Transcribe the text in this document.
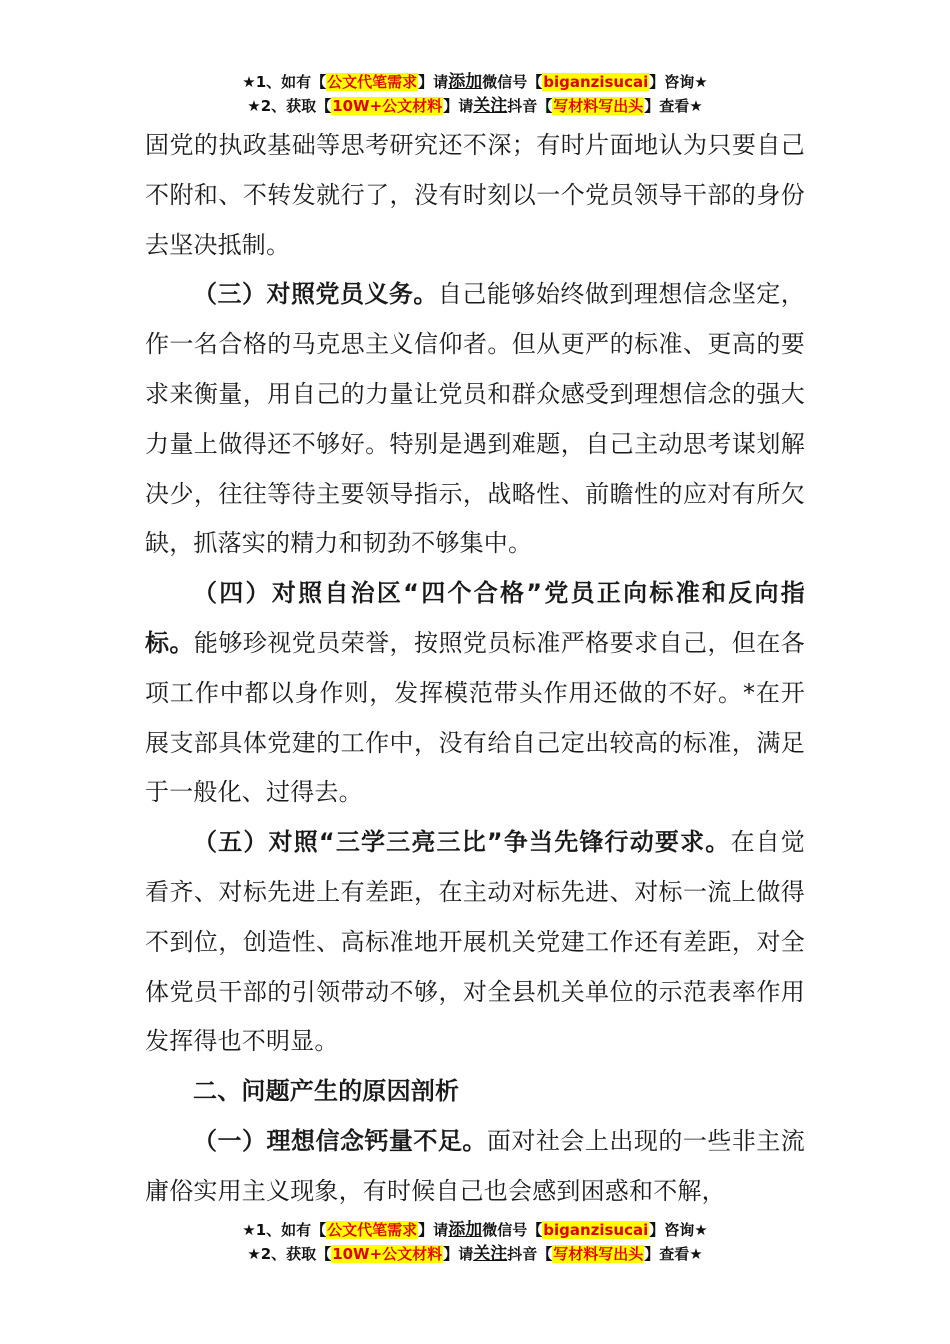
★1、如有【公文代笔需求】请添加微信号【biganzisucai】咨询★
★2、获取【10W+公文材料】请关注抖音【写材料写出头】查看★

固党的执政基础等思考研究还不深；有时片面地认为只要自己不附和、不转发就行了，没有时刻以一个党员领导干部的身份去坚决抵制。

（三）对照党员义务。自己能够始终做到理想信念坚定，作一名合格的马克思主义信仰者。但从更严的标准、更高的要求来衡量，用自己的力量让党员和群众感受到理想信念的强大力量上做得还不够好。特别是遇到难题，自己主动思考谋划解决少，往往等待主要领导指示，战略性、前瞻性的应对有所欠缺，抓落实的精力和韧劲不够集中。

（四）对照自治区“四个合格”党员正向标准和反向指标。能够珍视党员荣誉，按照党员标准严格要求自己，但在各项工作中都以身作则，发挥模范带头作用还做的不好。*在开展支部具体党建的工作中，没有给自己定出较高的标准，满足于一般化、过得去。

（五）对照“三学三亮三比”争当先锋行动要求。在自觉看齐、对标先进上有差距，在主动对标先进、对标一流上做得不到位，创造性、高标准地开展机关党建工作还有差距，对全体党员干部的引领带动不够，对全县机关单位的示范表率作用发挥得也不明显。

二、问题产生的原因剖析

（一）理想信念钙量不足。面对社会上出现的一些非主流庸俗实用主义现象，有时候自己也会感到困惑和不解，

★1、如有【公文代笔需求】请添加微信号【biganzisucai】咨询★
★2、获取【10W+公文材料】请关注抖音【写材料写出头】查看★
